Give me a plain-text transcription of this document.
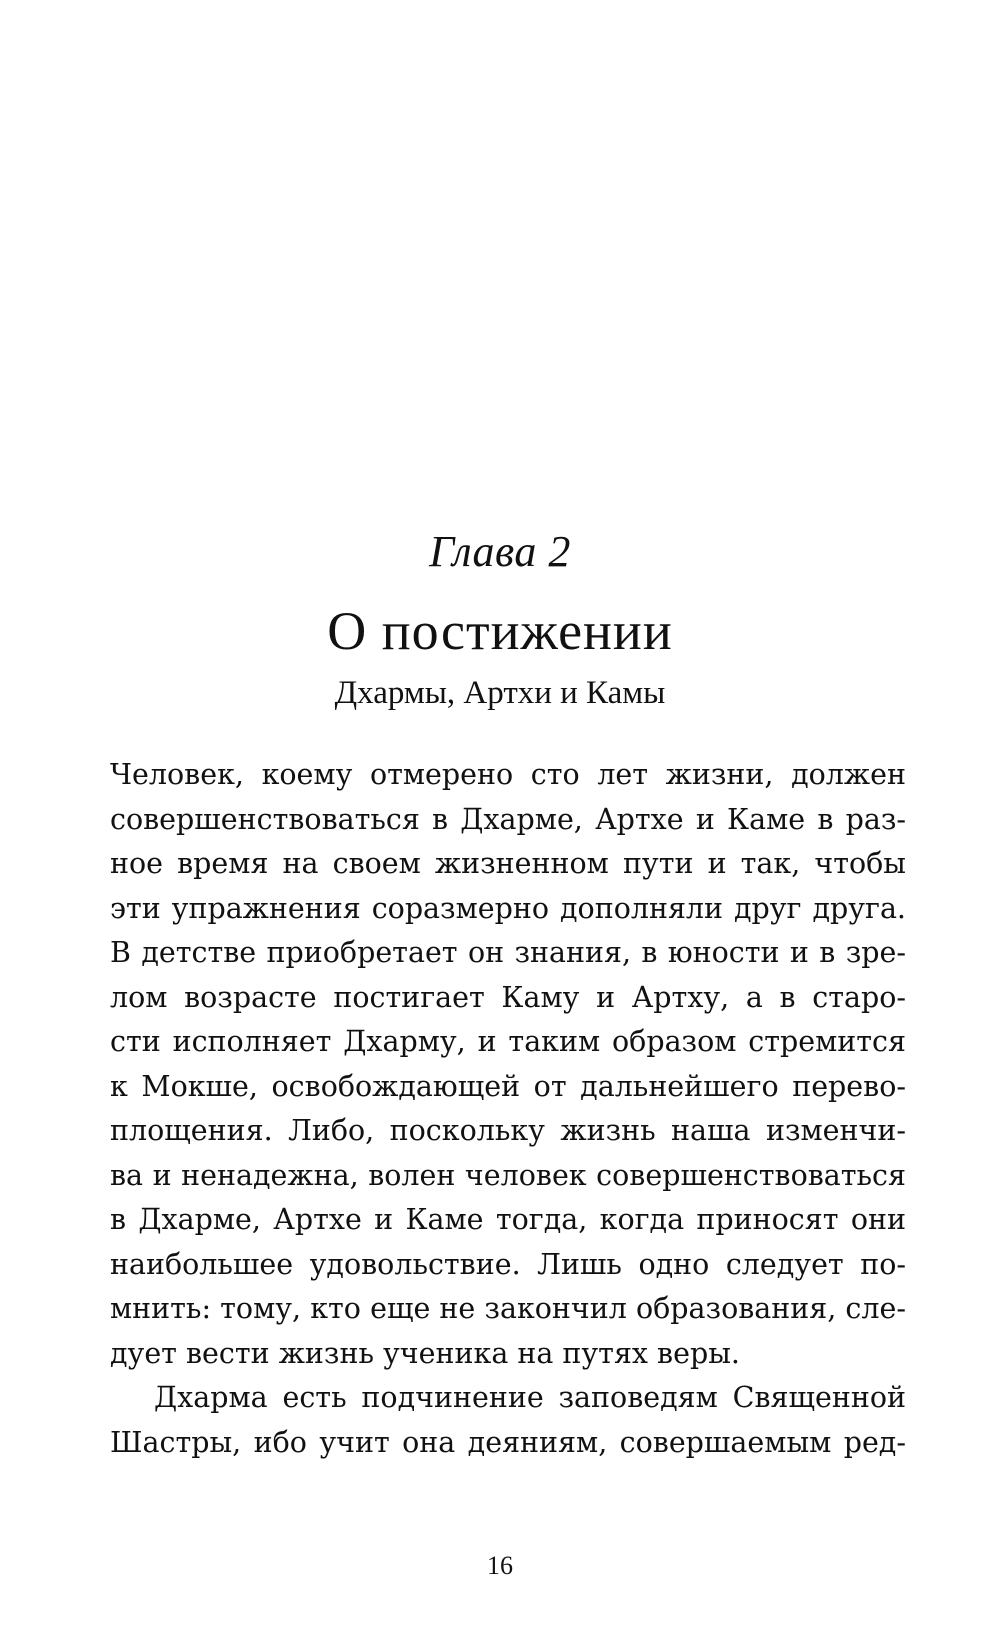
Глава 2
О постижении
Дхармы, Артхи и Камы
Человек, коему отмерено сто лет жизни, должен
совершенствоваться в Дхарме, Артхе и Каме в раз-
ное время на своем жизненном пути и так, чтобы
эти упражнения соразмерно дополняли друг друга.
В детстве приобретает он знания, в юности и в зре-
лом возрасте постигает Каму и Артху, а в старо-
сти исполняет Дхарму, и таким образом стремится
к Мокше, освобождающей от дальнейшего перево-
площения. Либо, поскольку жизнь наша изменчи-
ва и ненадежна, волен человек совершенствоваться
в Дхарме, Артхе и Каме тогда, когда приносят они
наибольшее удовольствие. Лишь одно следует по-
мнить: тому, кто еще не закончил образования, сле-
дует вести жизнь ученика на путях веры.
Дхарма есть подчинение заповедям Священной
Шастры, ибо учит она деяниям, совершаемым ред-
16
